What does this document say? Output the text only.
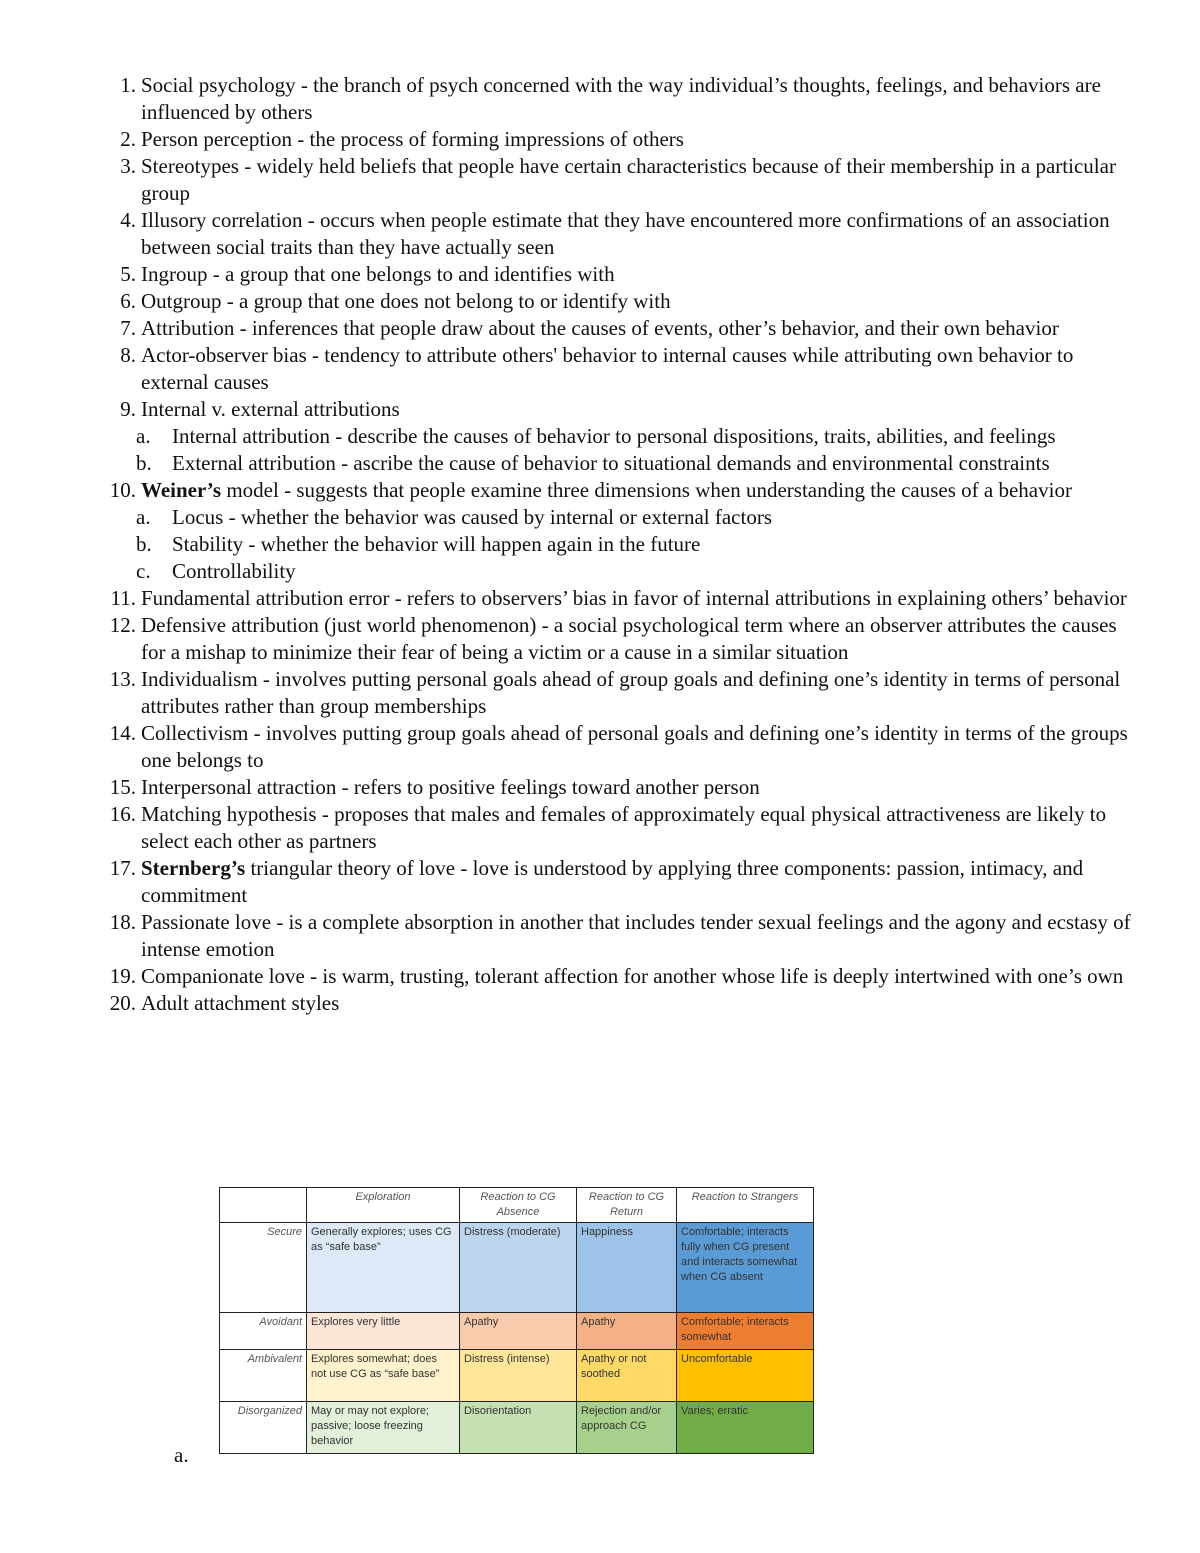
1. Social psychology - the branch of psych concerned with the way individual’s thoughts, feelings, and behaviors are influenced by others
2. Person perception - the process of forming impressions of others
3. Stereotypes - widely held beliefs that people have certain characteristics because of their membership in a particular group
4. Illusory correlation - occurs when people estimate that they have encountered more confirmations of an association between social traits than they have actually seen
5. Ingroup - a group that one belongs to and identifies with
6. Outgroup - a group that one does not belong to or identify with
7. Attribution - inferences that people draw about the causes of events, other’s behavior, and their own behavior
8. Actor-observer bias - tendency to attribute others' behavior to internal causes while attributing own behavior to external causes
9. Internal v. external attributions
a. Internal attribution - describe the causes of behavior to personal dispositions, traits, abilities, and feelings
b. External attribution - ascribe the cause of behavior to situational demands and environmental constraints
10. Weiner’s model - suggests that people examine three dimensions when understanding the causes of a behavior
a. Locus - whether the behavior was caused by internal or external factors
b. Stability - whether the behavior will happen again in the future
c. Controllability
11. Fundamental attribution error - refers to observers’ bias in favor of internal attributions in explaining others’ behavior
12. Defensive attribution (just world phenomenon) - a social psychological term where an observer attributes the causes for a mishap to minimize their fear of being a victim or a cause in a similar situation
13. Individualism - involves putting personal goals ahead of group goals and defining one’s identity in terms of personal attributes rather than group memberships
14. Collectivism - involves putting group goals ahead of personal goals and defining one’s identity in terms of the groups one belongs to
15. Interpersonal attraction - refers to positive feelings toward another person
16. Matching hypothesis - proposes that males and females of approximately equal physical attractiveness are likely to select each other as partners
17. Sternberg’s triangular theory of love - love is understood by applying three components: passion, intimacy, and commitment
18. Passionate love - is a complete absorption in another that includes tender sexual feelings and the agony and ecstasy of intense emotion
19. Companionate love - is warm, trusting, tolerant affection for another whose life is deeply intertwined with one’s own
20. Adult attachment styles
	Exploration	Reaction to CG Absence	Reaction to CG Return	Reaction to Strangers
Secure	Generally explores; uses CG as “safe base”	Distress (moderate)	Happiness	Comfortable; interacts fully when CG present and interacts somewhat when CG absent
Avoidant	Explores very little	Apathy	Apathy	Comfortable; interacts somewhat
Ambivalent	Explores somewhat; does not use CG as “safe base”	Distress (intense)	Apathy or not soothed	Uncomfortable
Disorganized	May or may not explore; passive; loose freezing behavior	Disorientation	Rejection and/or approach CG	Varies; erratic
a.
